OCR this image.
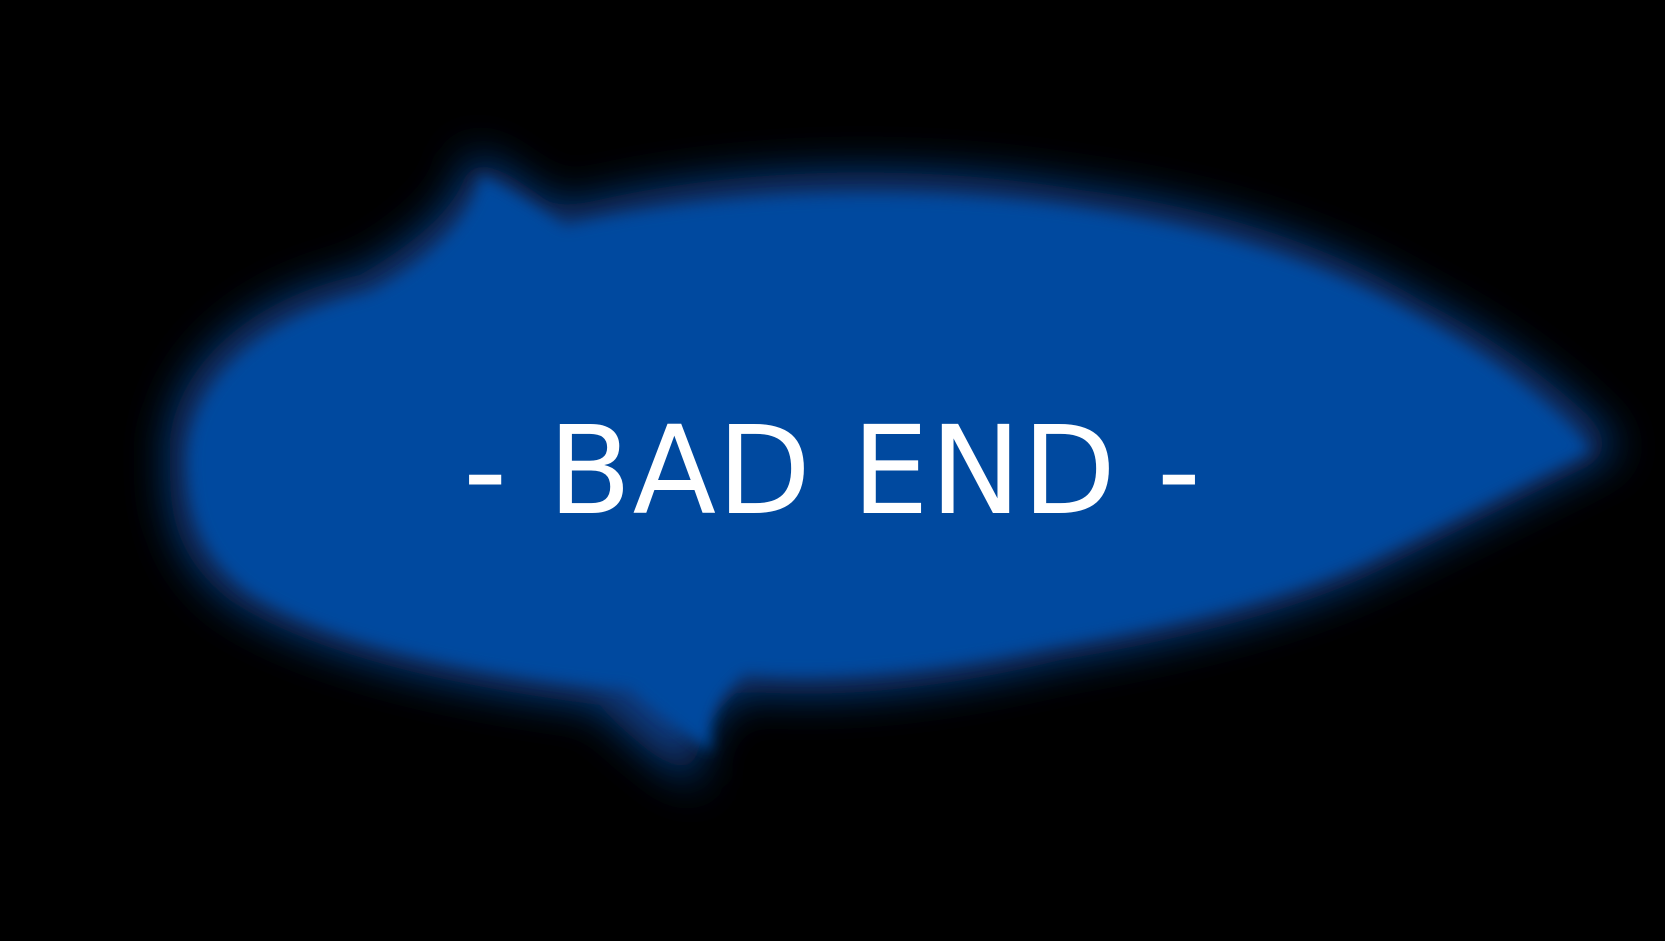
- BAD END -
